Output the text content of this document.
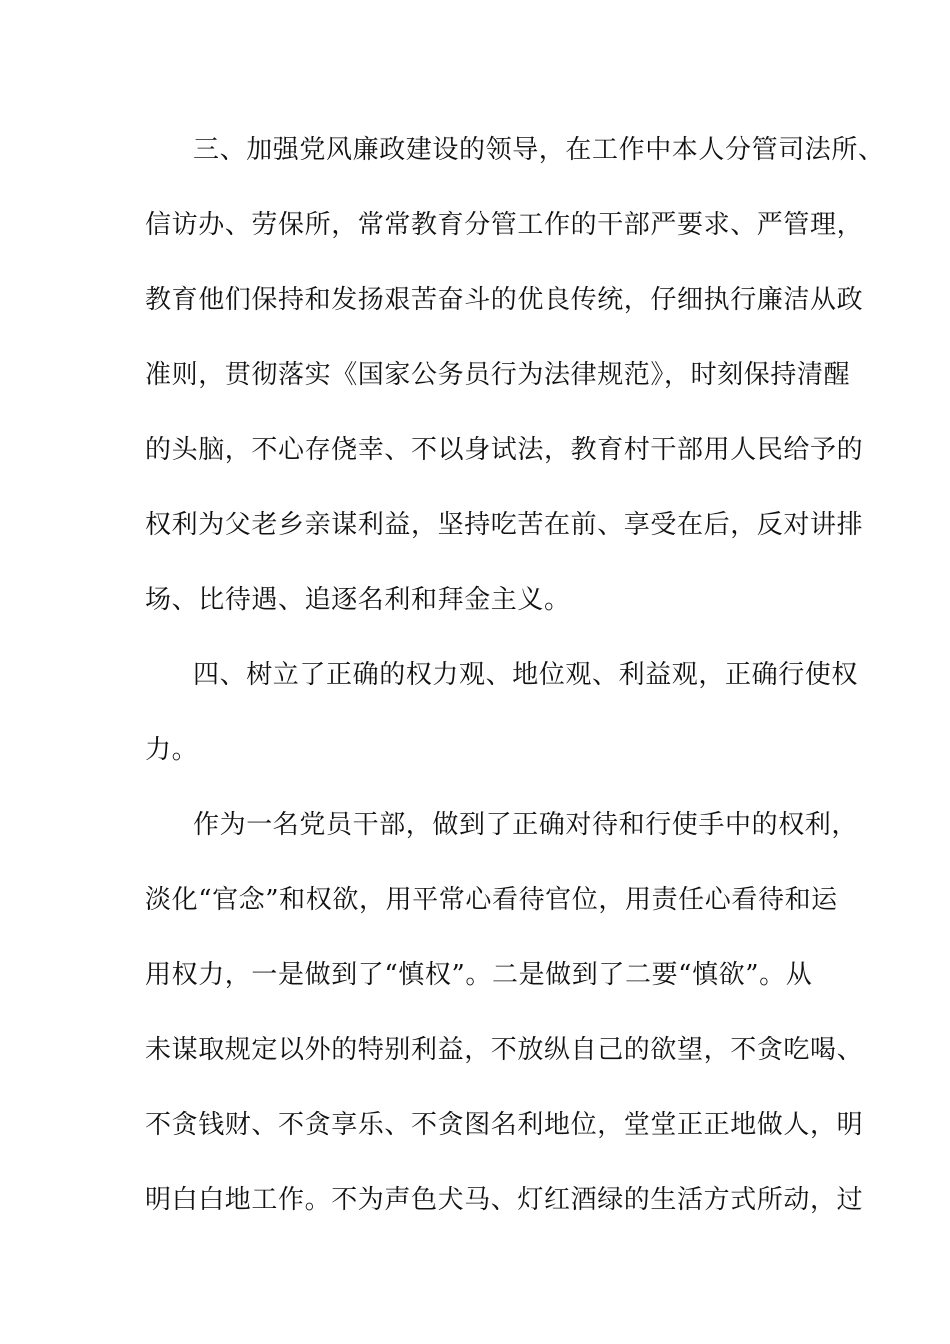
三、加强党风廉政建设的领导，在工作中本人分管司法所、

信访办、劳保所，常常教育分管工作的干部严要求、严管理，

教育他们保持和发扬艰苦奋斗的优良传统，仔细执行廉洁从政

准则，贯彻落实《国家公务员行为法律规范》，时刻保持清醒

的头脑，不心存侥幸、不以身试法，教育村干部用人民给予的

权利为父老乡亲谋利益，坚持吃苦在前、享受在后，反对讲排

场、比待遇、追逐名利和拜金主义。

四、树立了正确的权力观、地位观、利益观，正确行使权

力。

作为一名党员干部，做到了正确对待和行使手中的权利，

淡化“官念”和权欲，用平常心看待官位，用责任心看待和运

用权力，一是做到了“慎权”。二是做到了二要“慎欲”。从

未谋取规定以外的特别利益，不放纵自己的欲望，不贪吃喝、

不贪钱财、不贪享乐、不贪图名利地位，堂堂正正地做人，明

明白白地工作。不为声色犬马、灯红酒绿的生活方式所动，过
